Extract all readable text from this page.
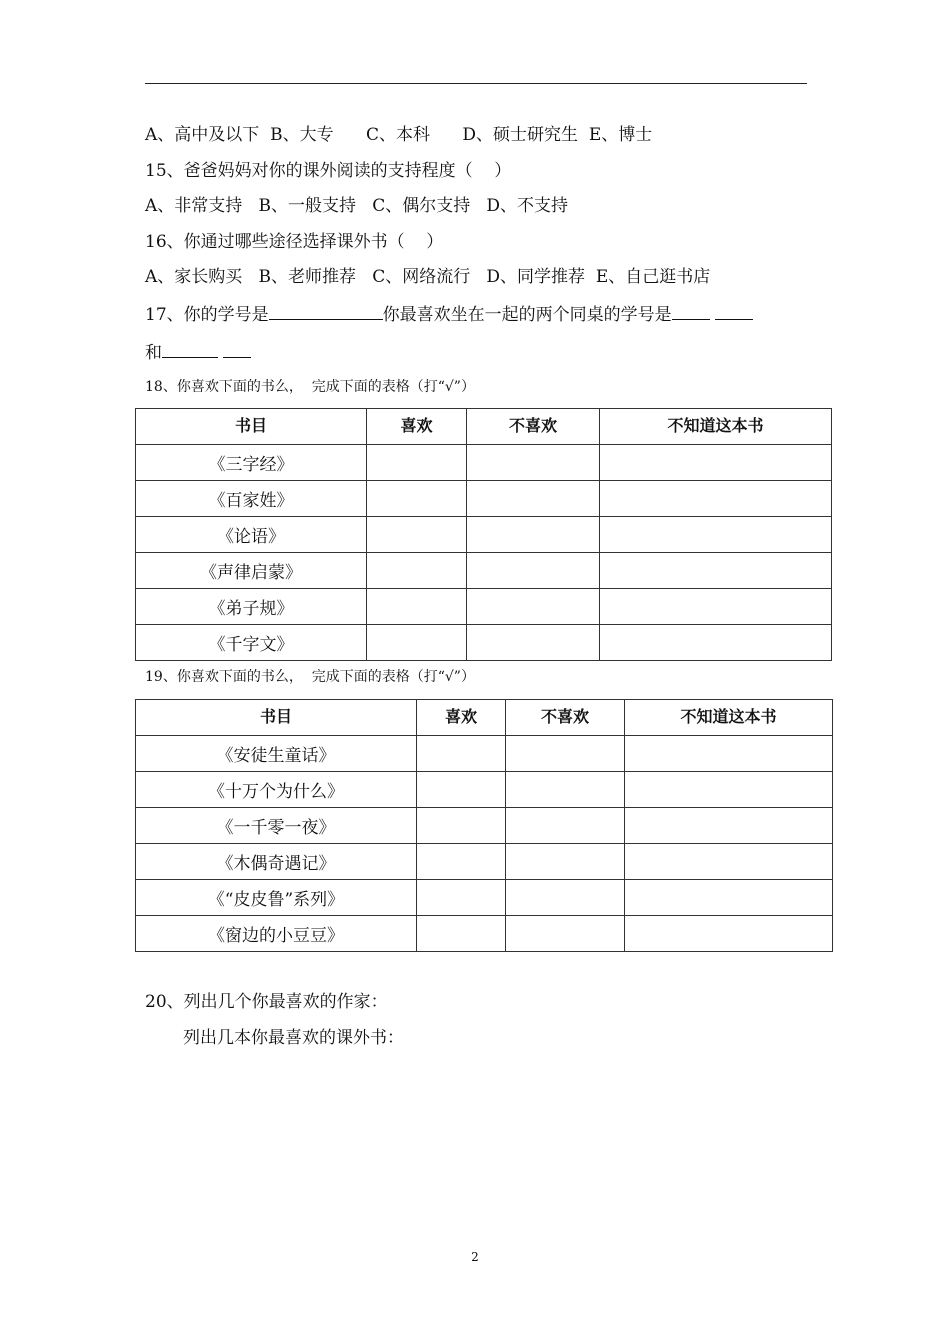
A、高中及以下  B、大专      C、本科      D、硕士研究生  E、博士
15、爸爸妈妈对你的课外阅读的支持程度（    ）
A、非常支持   B、一般支持   C、偶尔支持   D、不支持
16、你通过哪些途径选择课外书（    ）
A、家长购买   B、老师推荐   C、网络流行   D、同学推荐  E、自己逛书店
17、你的学号是	你最喜欢坐在一起的两个同桌的学号是
和
18、你喜欢下面的书么，  完成下面的表格（打“√”）
书目	喜欢	不喜欢	不知道这本书
《三字经》			
《百家姓》			
《论语》			
《声律启蒙》			
《弟子规》			
《千字文》			
19、你喜欢下面的书么，  完成下面的表格（打“√”）
书目	喜欢	不喜欢	不知道这本书
《安徒生童话》			
《十万个为什么》			
《一千零一夜》			
《木偶奇遇记》			
《“皮皮鲁”系列》			
《窗边的小豆豆》			
20、列出几个你最喜欢的作家：
列出几本你最喜欢的课外书：
2
